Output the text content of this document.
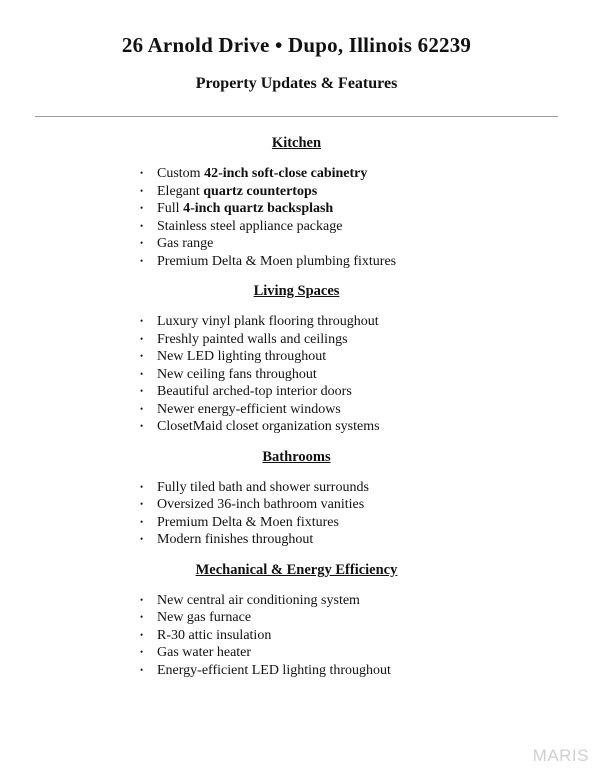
26 Arnold Drive • Dupo, Illinois 62239
Property Updates & Features
Kitchen
• Custom 42-inch soft-close cabinetry
• Elegant quartz countertops
• Full 4-inch quartz backsplash
• Stainless steel appliance package
• Gas range
• Premium Delta & Moen plumbing fixtures
Living Spaces
• Luxury vinyl plank flooring throughout
• Freshly painted walls and ceilings
• New LED lighting throughout
• New ceiling fans throughout
• Beautiful arched-top interior doors
• Newer energy-efficient windows
• ClosetMaid closet organization systems
Bathrooms
• Fully tiled bath and shower surrounds
• Oversized 36-inch bathroom vanities
• Premium Delta & Moen fixtures
• Modern finishes throughout
Mechanical & Energy Efficiency
• New central air conditioning system
• New gas furnace
• R-30 attic insulation
• Gas water heater
• Energy-efficient LED lighting throughout
MARIS
